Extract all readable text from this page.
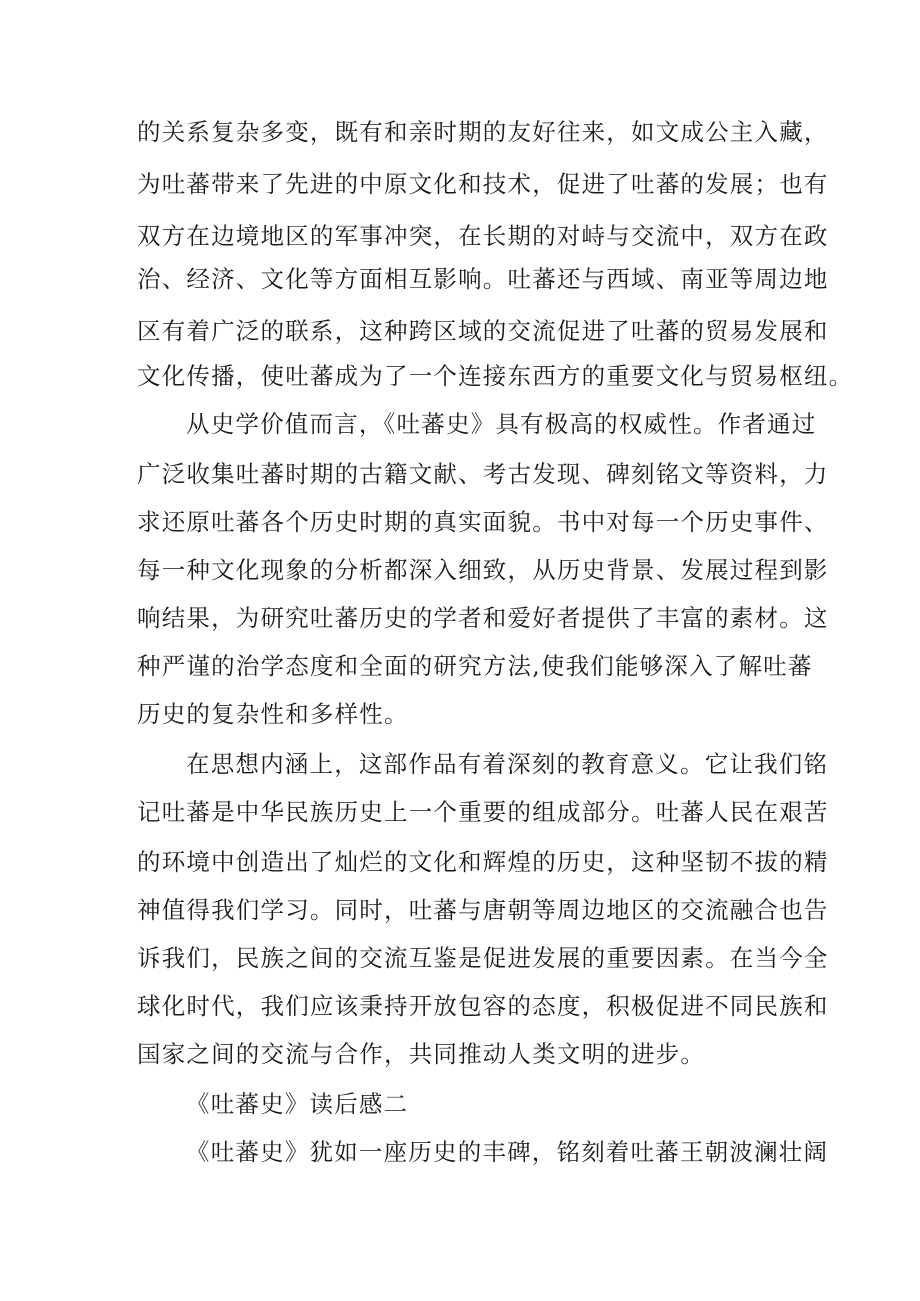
的关系复杂多变，既有和亲时期的友好往来，如文成公主入藏，
为吐蕃带来了先进的中原文化和技术，促进了吐蕃的发展；也有
双方在边境地区的军事冲突，在长期的对峙与交流中，双方在政
治、经济、文化等方面相互影响。吐蕃还与西域、南亚等周边地
区有着广泛的联系，这种跨区域的交流促进了吐蕃的贸易发展和
文化传播，使吐蕃成为了一个连接东西方的重要文化与贸易枢纽。
从史学价值而言，《吐蕃史》具有极高的权威性。作者通过
广泛收集吐蕃时期的古籍文献、考古发现、碑刻铭文等资料，力
求还原吐蕃各个历史时期的真实面貌。书中对每一个历史事件、
每一种文化现象的分析都深入细致，从历史背景、发展过程到影
响结果，为研究吐蕃历史的学者和爱好者提供了丰富的素材。这
种严谨的治学态度和全面的研究方法,使我们能够深入了解吐蕃
历史的复杂性和多样性。
在思想内涵上，这部作品有着深刻的教育意义。它让我们铭
记吐蕃是中华民族历史上一个重要的组成部分。吐蕃人民在艰苦
的环境中创造出了灿烂的文化和辉煌的历史，这种坚韧不拔的精
神值得我们学习。同时，吐蕃与唐朝等周边地区的交流融合也告
诉我们，民族之间的交流互鉴是促进发展的重要因素。在当今全
球化时代，我们应该秉持开放包容的态度，积极促进不同民族和
国家之间的交流与合作，共同推动人类文明的进步。
《吐蕃史》读后感二
《吐蕃史》犹如一座历史的丰碑，铭刻着吐蕃王朝波澜壮阔
